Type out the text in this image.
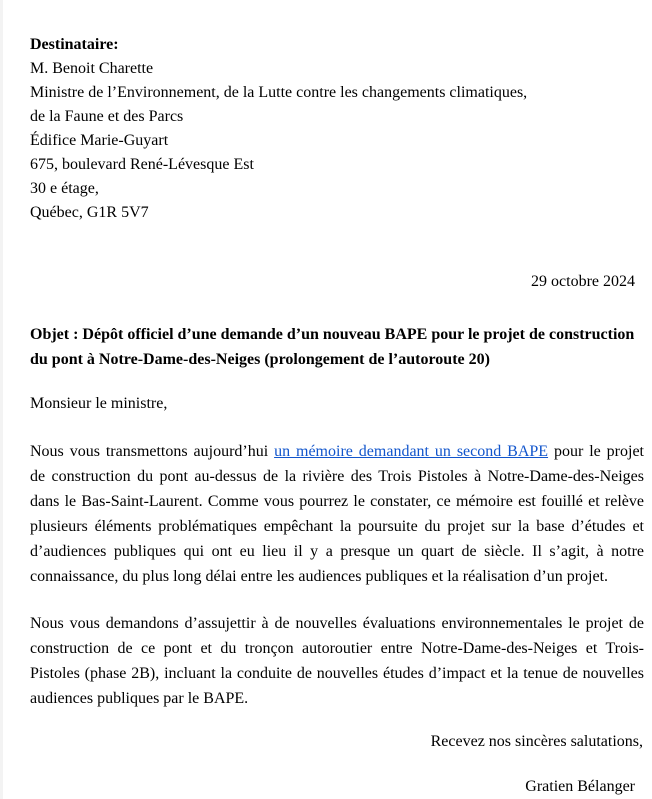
Destinataire:
M. Benoit Charette
Ministre de l’Environnement, de la Lutte contre les changements climatiques,
de la Faune et des Parcs
Édifice Marie-Guyart
675, boulevard René-Lévesque Est
30 e étage,
Québec, G1R 5V7
29 octobre 2024
Objet : Dépôt officiel d’une demande d’un nouveau BAPE pour le projet de construction
du pont à Notre-Dame-des-Neiges (prolongement de l’autoroute 20)
Monsieur le ministre,
Nous vous transmettons aujourd’hui un mémoire demandant un second BAPE pour le projet
de construction du pont au-dessus de la rivière des Trois Pistoles à Notre-Dame-des-Neiges
dans le Bas-Saint-Laurent. Comme vous pourrez le constater, ce mémoire est fouillé et relève
plusieurs éléments problématiques empêchant la poursuite du projet sur la base d’études et
d’audiences publiques qui ont eu lieu il y a presque un quart de siècle. Il s’agit, à notre
connaissance, du plus long délai entre les audiences publiques et la réalisation d’un projet.
Nous vous demandons d’assujettir à de nouvelles évaluations environnementales le projet de
construction de ce pont et du tronçon autoroutier entre Notre-Dame-des-Neiges et Trois-
Pistoles (phase 2B), incluant la conduite de nouvelles études d’impact et la tenue de nouvelles
audiences publiques par le BAPE.
Recevez nos sincères salutations,
Gratien Bélanger
